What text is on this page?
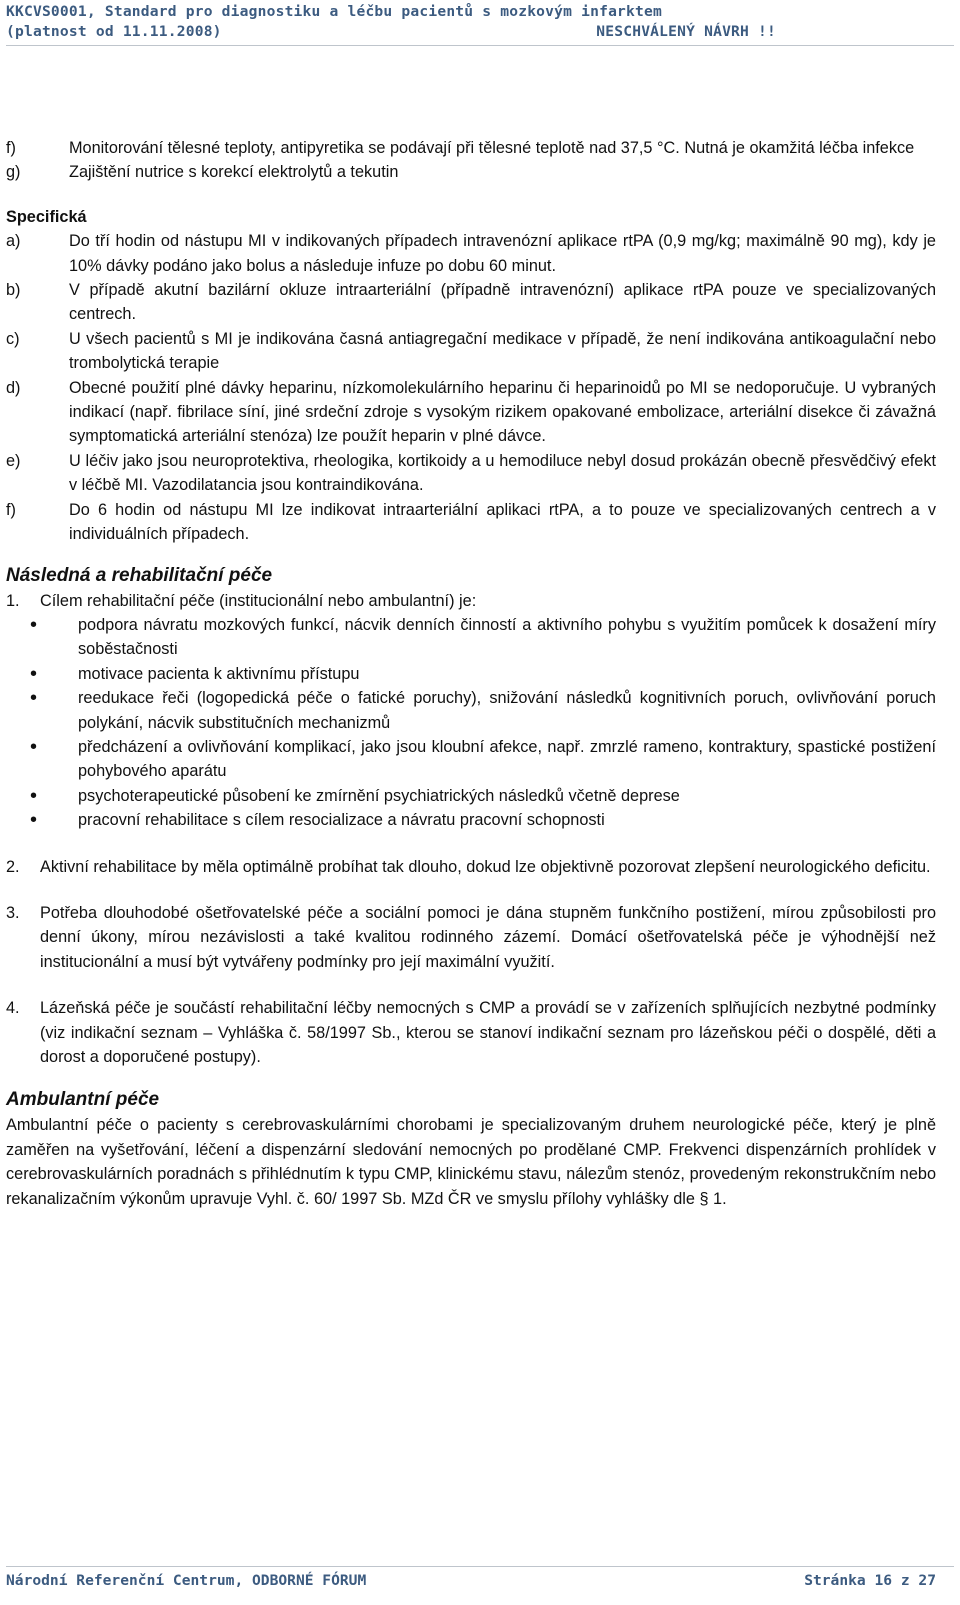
KKCVS0001, Standard pro diagnostiku a léčbu pacientů s mozkovým infarktem
(platnost od 11.11.2008)	NESCHVÁLENÝ NÁVRH !!
f)	Monitorování tělesné teploty, antipyretika se podávají při tělesné teplotě nad 37,5 °C. Nutná je okamžitá léčba infekce
g)	Zajištění nutrice s korekcí elektrolytů a tekutin
Specifická
a)	Do tří hodin od nástupu MI v indikovaných případech intravenózní aplikace rtPA (0,9 mg/kg; maximálně 90 mg), kdy je 10% dávky podáno jako bolus a následuje infuze po dobu 60 minut.
b)	V případě akutní bazilární okluze intraarteriální (případně intravenózní) aplikace rtPA pouze ve specializovaných centrech.
c)	U všech pacientů s MI je indikována časná antiagregační medikace v případě, že není indikována antikoagulační nebo trombolytická terapie
d)	Obecné použití plné dávky heparinu, nízkomolekulárního heparinu či heparinoidů po MI se nedoporučuje. U vybraných indikací (např. fibrilace síní, jiné srdeční zdroje s vysokým rizikem opakované embolizace, arteriální disekce či závažná symptomatická arteriální stenóza) lze použít heparin v plné dávce.
e)	U léčiv jako jsou neuroprotektiva, rheologika, kortikoidy a u hemodiluce nebyl dosud prokázán obecně přesvědčivý efekt v léčbě MI. Vazodilatancia jsou kontraindikována.
f)	Do 6 hodin od nástupu MI lze indikovat intraarteriální aplikaci rtPA, a to pouze ve specializovaných centrech a v individuálních případech.
Následná a rehabilitační péče
1.	Cílem rehabilitační péče (institucionální nebo ambulantní) je:
•	podpora návratu mozkových funkcí, nácvik denních činností a aktivního pohybu s využitím pomůcek k dosažení míry soběstačnosti
•	motivace pacienta k aktivnímu přístupu
•	reedukace řeči (logopedická péče o fatické poruchy), snižování následků kognitivních poruch, ovlivňování poruch polykání, nácvik substitučních mechanizmů
•	předcházení a ovlivňování komplikací, jako jsou kloubní afekce, např. zmrzlé rameno, kontraktury, spastické postižení pohybového aparátu
•	psychoterapeutické působení ke zmírnění psychiatrických následků včetně deprese
•	pracovní rehabilitace s cílem resocializace a návratu pracovní schopnosti
2.	Aktivní rehabilitace by měla optimálně probíhat tak dlouho, dokud lze objektivně pozorovat zlepšení neurologického deficitu.
3.	Potřeba dlouhodobé ošetřovatelské péče a sociální pomoci je dána stupněm funkčního postižení, mírou způsobilosti pro denní úkony, mírou nezávislosti a také kvalitou rodinného zázemí. Domácí ošetřovatelská péče je výhodnější než institucionální a musí být vytvářeny podmínky pro její maximální využití.
4.	Lázeňská péče je součástí rehabilitační léčby nemocných s CMP a provádí se v zařízeních splňujících nezbytné podmínky (viz indikační seznam – Vyhláška č. 58/1997 Sb., kterou se stanoví indikační seznam pro lázeňskou péči o dospělé, děti a dorost a doporučené postupy).
Ambulantní péče
Ambulantní péče o pacienty s cerebrovaskulárními chorobami je specializovaným druhem neurologické péče, který je plně zaměřen na vyšetřování, léčení a dispenzární sledování nemocných po prodělané CMP. Frekvenci dispenzárních prohlídek v cerebrovaskulárních poradnách s přihlédnutím k typu CMP, klinickému stavu, nálezům stenóz, provedeným rekonstrukčním nebo rekanalizačním výkonům upravuje Vyhl. č. 60/ 1997 Sb. MZd ČR ve smyslu přílohy vyhlášky dle § 1.
Národní Referenční Centrum, ODBORNÉ FÓRUM	Stránka 16 z 27
